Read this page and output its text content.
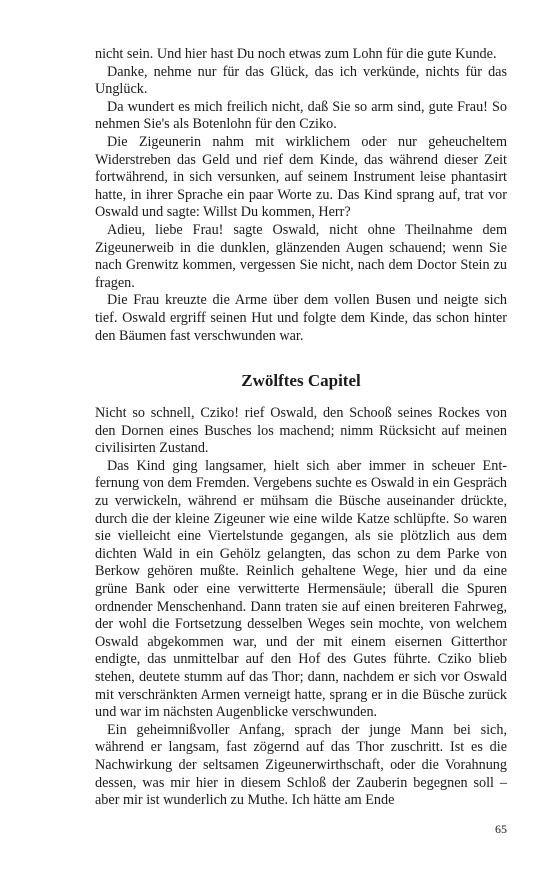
nicht sein. Und hier hast Du noch etwas zum Lohn für die gute Kunde.

Danke, nehme nur für das Glück, das ich verkünde, nichts für das Unglück.

Da wundert es mich freilich nicht, daß Sie so arm sind, gute Frau! So nehmen Sie's als Botenlohn für den Cziko.

Die Zigeunerin nahm mit wirklichem oder nur geheucheltem Widerstreben das Geld und rief dem Kinde, das während dieser Zeit fortwährend, in sich versunken, auf seinem Instrument leise phantasirt hatte, in ihrer Sprache ein paar Worte zu. Das Kind sprang auf, trat vor Oswald und sagte: Willst Du kommen, Herr?

Adieu, liebe Frau! sagte Oswald, nicht ohne Theilnahme dem Zigeunerweib in die dunklen, glänzenden Augen schauend; wenn Sie nach Grenwitz kommen, vergessen Sie nicht, nach dem Doctor Stein zu fragen.

Die Frau kreuzte die Arme über dem vollen Busen und neigte sich tief. Oswald ergriff seinen Hut und folgte dem Kinde, das schon hinter den Bäumen fast verschwunden war.

Zwölftes Capitel

Nicht so schnell, Cziko! rief Oswald, den Schooß seines Rockes von den Dornen eines Busches los machend; nimm Rücksicht auf meinen civilisirten Zustand.

Das Kind ging langsamer, hielt sich aber immer in scheuer Entfernung von dem Fremden. Vergebens suchte es Oswald in ein Gespräch zu verwickeln, während er mühsam die Büsche auseinander drückte, durch die der kleine Zigeuner wie eine wilde Katze schlüpfte. So waren sie vielleicht eine Viertelstunde gegangen, als sie plötzlich aus dem dichten Wald in ein Gehölz gelangten, das schon zu dem Parke von Berkow gehören mußte. Reinlich gehaltene Wege, hier und da eine grüne Bank oder eine verwitterte Hermensäule; überall die Spuren ordnender Menschenhand. Dann traten sie auf einen breiteren Fahrweg, der wohl die Fortsetzung desselben Weges sein mochte, von welchem Oswald abgekommen war, und der mit einem eisernen Gitterthor endigte, das unmittelbar auf den Hof des Gutes führte. Cziko blieb stehen, deutete stumm auf das Thor; dann, nachdem er sich vor Oswald mit verschränkten Armen verneigt hatte, sprang er in die Büsche zurück und war im nächsten Augenblicke verschwunden.

Ein geheimnißvoller Anfang, sprach der junge Mann bei sich, während er langsam, fast zögernd auf das Thor zuschritt. Ist es die Nachwirkung der seltsamen Zigeunerwirthschaft, oder die Vorahnung dessen, was mir hier in diesem Schloß der Zauberin begegnen soll – aber mir ist wunderlich zu Muthe. Ich hätte am Ende

65
